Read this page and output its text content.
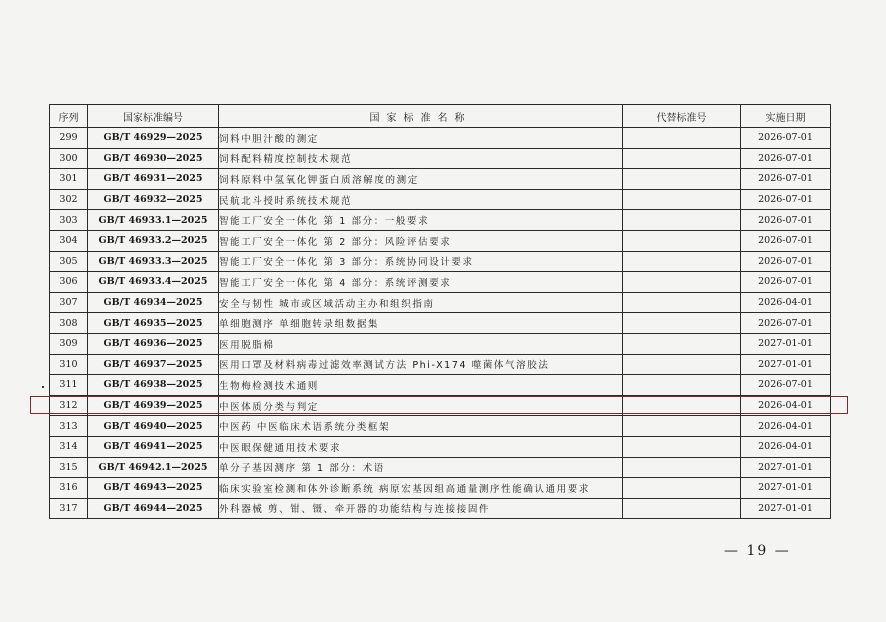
序列	国家标准编号	国家标准名称	代替标准号	实施日期
299	GB/T 46929—2025	饲料中胆汁酸的测定		2026-07-01
300	GB/T 46930—2025	饲料配料精度控制技术规范		2026-07-01
301	GB/T 46931—2025	饲料原料中氢氧化钾蛋白质溶解度的测定		2026-07-01
302	GB/T 46932—2025	民航北斗授时系统技术规范		2026-07-01
303	GB/T 46933.1—2025	智能工厂安全一体化 第 1 部分：一般要求		2026-07-01
304	GB/T 46933.2—2025	智能工厂安全一体化 第 2 部分：风险评估要求		2026-07-01
305	GB/T 46933.3—2025	智能工厂安全一体化 第 3 部分：系统协同设计要求		2026-07-01
306	GB/T 46933.4—2025	智能工厂安全一体化 第 4 部分：系统评测要求		2026-07-01
307	GB/T 46934—2025	安全与韧性 城市或区域活动主办和组织指南		2026-04-01
308	GB/T 46935—2025	单细胞测序 单细胞转录组数据集		2026-07-01
309	GB/T 46936—2025	医用脱脂棉		2027-01-01
310	GB/T 46937—2025	医用口罩及材料病毒过滤效率测试方法 Phi-X174 噬菌体气溶胶法		2027-01-01
311	GB/T 46938—2025	生物梅检测技术通则		2026-07-01
312	GB/T 46939—2025	中医体质分类与判定		2026-04-01
313	GB/T 46940—2025	中医药 中医临床术语系统分类框架		2026-04-01
314	GB/T 46941—2025	中医眼保健通用技术要求		2026-04-01
315	GB/T 46942.1—2025	单分子基因测序 第 1 部分：术语		2027-01-01
316	GB/T 46943—2025	临床实验室检测和体外诊断系统 病原宏基因组高通量测序性能确认通用要求		2027-01-01
317	GB/T 46944—2025	外科器械 剪、钳、镊、牵开器的功能结构与连接接固件		2027-01-01
— 19 —
